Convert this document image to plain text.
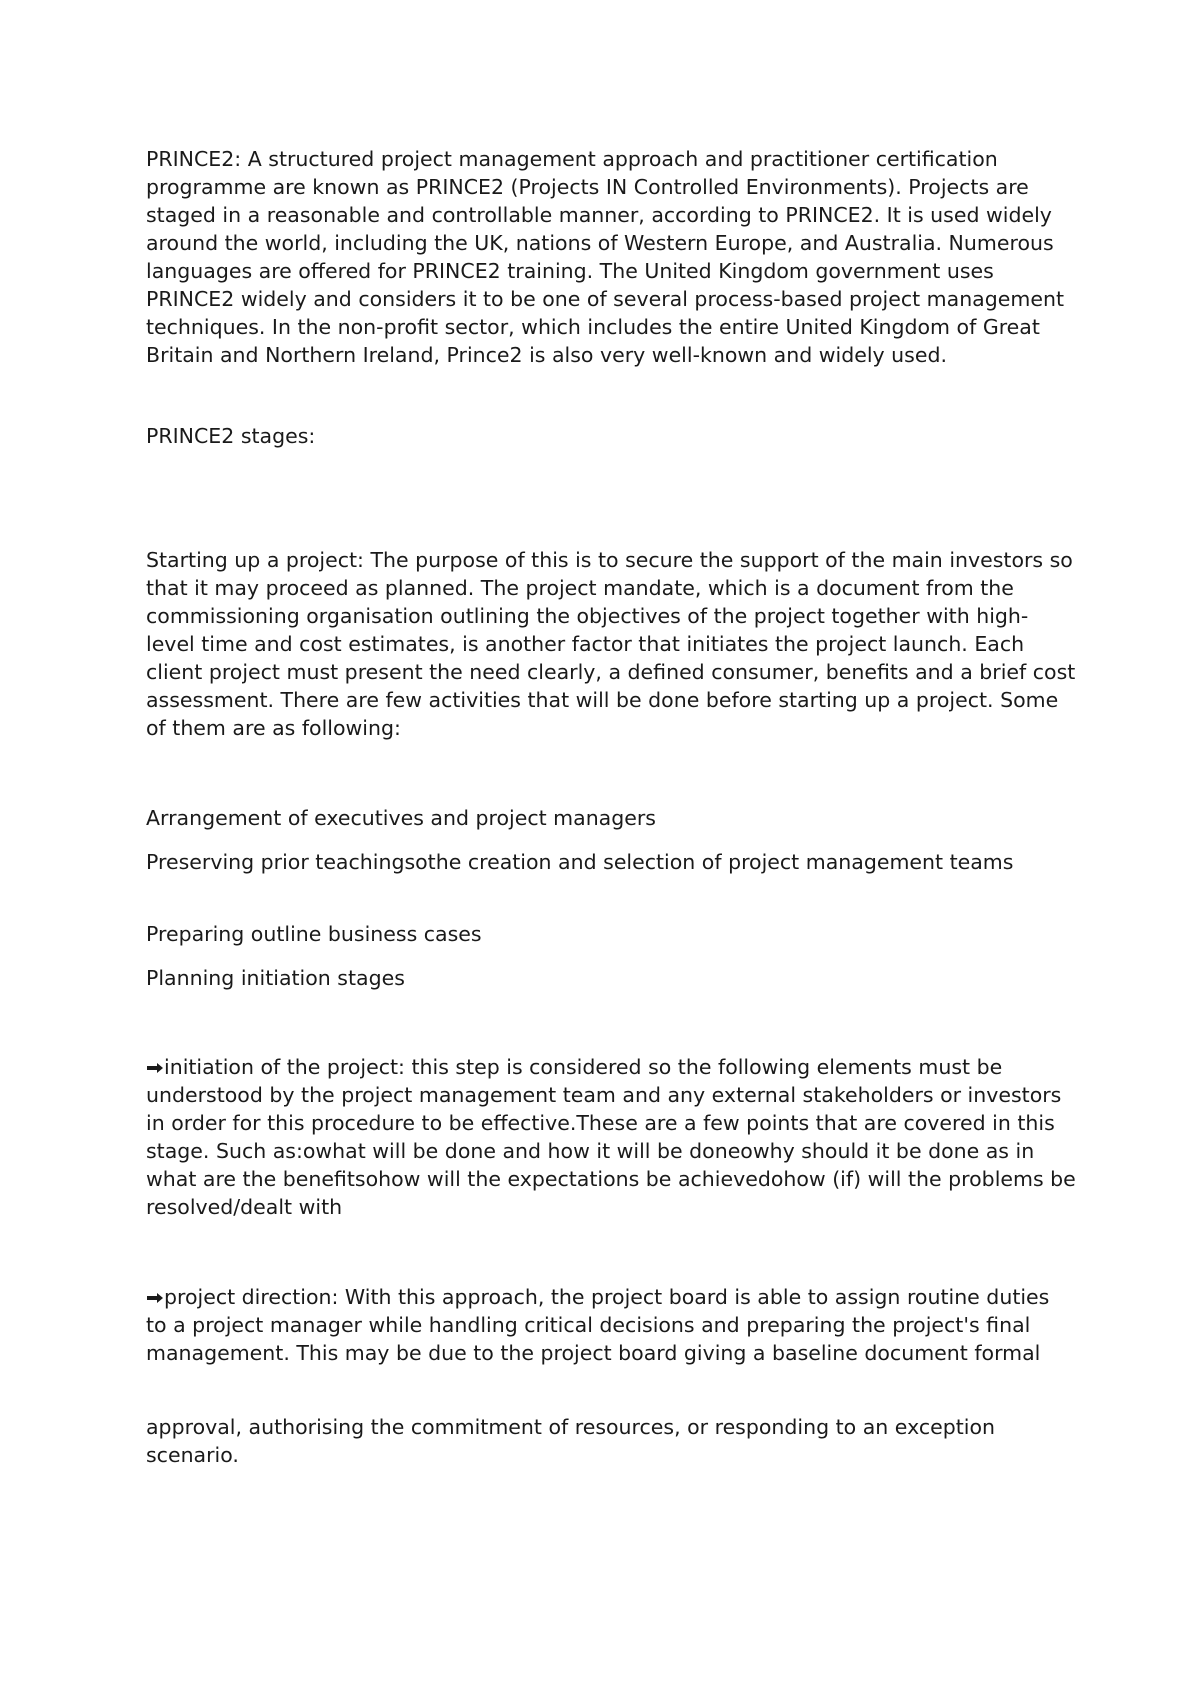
PRINCE2: A structured project management approach and practitioner certification programme are known as PRINCE2 (Projects IN Controlled Environments). Projects are staged in a reasonable and controllable manner, according to PRINCE2. It is used widely around the world, including the UK, nations of Western Europe, and Australia. Numerous languages are offered for PRINCE2 training. The United Kingdom government uses PRINCE2 widely and considers it to be one of several process-based project management techniques. In the non-profit sector, which includes the entire United Kingdom of Great Britain and Northern Ireland, Prince2 is also very well-known and widely used.
PRINCE2 stages:
Starting up a project: The purpose of this is to secure the support of the main investors so that it may proceed as planned. The project mandate, which is a document from the commissioning organisation outlining the objectives of the project together with high-level time and cost estimates, is another factor that initiates the project launch. Each client project must present the need clearly, a defined consumer, benefits and a brief cost assessment. There are few activities that will be done before starting up a project. Some of them are as following:
Arrangement of executives and project managers
Preserving prior teachingsothe creation and selection of project management teams
Preparing outline business cases
Planning initiation stages
initiation of the project: this step is considered so the following elements must be understood by the project management team and any external stakeholders or investors in order for this procedure to be effective.These are a few points that are covered in this stage. Such as:owhat will be done and how it will be doneowhy should it be done as in what are the benefitsohow will the expectations be achievedohow (if) will the problems be resolved/dealt with
project direction: With this approach, the project board is able to assign routine duties to a project manager while handling critical decisions and preparing the project's final management. This may be due to the project board giving a baseline document formal
approval, authorising the commitment of resources, or responding to an exception scenario.
